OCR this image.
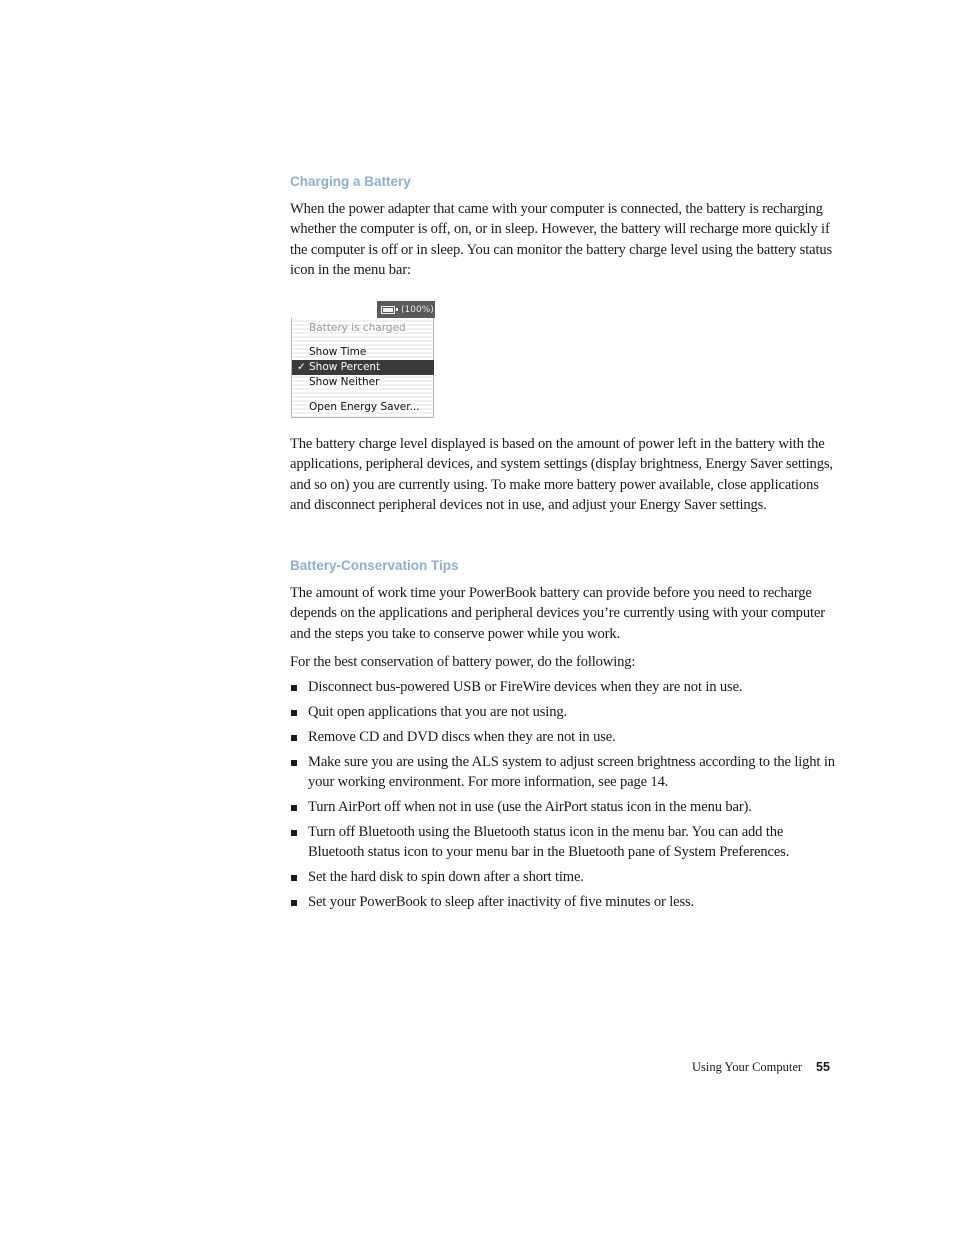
Charging a Battery

When the power adapter that came with your computer is connected, the battery is recharging whether the computer is off, on, or in sleep. However, the battery will recharge more quickly if the computer is off or in sleep. You can monitor the battery charge level using the battery status icon in the menu bar:

(100%)
Battery is charged
Show Time
✓ Show Percent
Show Neither
Open Energy Saver...

The battery charge level displayed is based on the amount of power left in the battery with the applications, peripheral devices, and system settings (display brightness, Energy Saver settings, and so on) you are currently using. To make more battery power available, close applications and disconnect peripheral devices not in use, and adjust your Energy Saver settings.

Battery-Conservation Tips

The amount of work time your PowerBook battery can provide before you need to recharge depends on the applications and peripheral devices you’re currently using with your computer and the steps you take to conserve power while you work.

For the best conservation of battery power, do the following:

Disconnect bus-powered USB or FireWire devices when they are not in use.
Quit open applications that you are not using.
Remove CD and DVD discs when they are not in use.
Make sure you are using the ALS system to adjust screen brightness according to the light in your working environment. For more information, see page 14.
Turn AirPort off when not in use (use the AirPort status icon in the menu bar).
Turn off Bluetooth using the Bluetooth status icon in the menu bar. You can add the Bluetooth status icon to your menu bar in the Bluetooth pane of System Preferences.
Set the hard disk to spin down after a short time.
Set your PowerBook to sleep after inactivity of five minutes or less.
Using Your Computer 55
